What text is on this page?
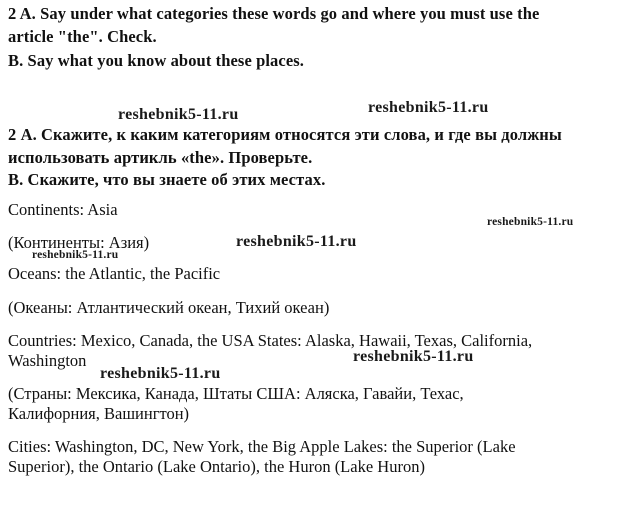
2 A. Say under what categories these words go and where you must use the
article "the". Check.
B. Say what you know about these places.
reshebnik5-11.ru	reshebnik5-11.ru
2 А. Скажите, к каким категориям относятся эти слова, и где вы должны
использовать артикль «the». Проверьте.
В. Скажите, что вы знаете об этих местах.
Continents: Asia
reshebnik5-11.ru
(Континенты: Азия)	reshebnik5-11.ru
reshebnik5-11.ru
Oceans: the Atlantic, the Pacific
(Океаны: Атлантический океан, Тихий океан)
Countries: Mexico, Canada, the USA States: Alaska, Hawaii, Texas, California,
Washington	reshebnik5-11.ru
reshebnik5-11.ru
(Страны: Мексика, Канада, Штаты США: Аляска, Гавайи, Техас,
Калифорния, Вашингтон)
Cities: Washington, DC, New York, the Big Apple Lakes: the Superior (Lake
Superior), the Ontario (Lake Ontario), the Huron (Lake Huron)
